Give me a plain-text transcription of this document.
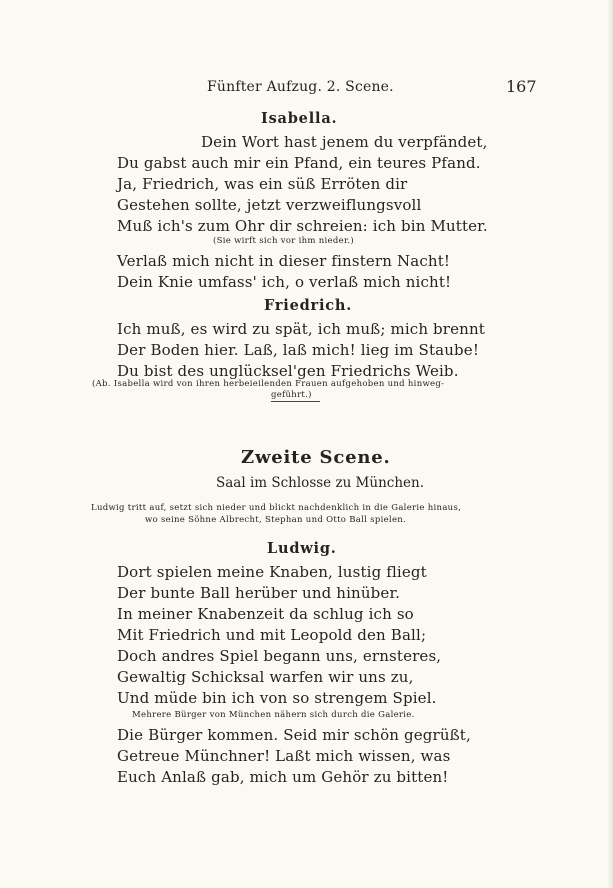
Fünfter Aufzug. 2. Scene.	167
Isabella.
Dein Wort hast jenem du verpfändet,
Du gabst auch mir ein Pfand, ein teures Pfand.
Ja, Friedrich, was ein süß Erröten dir
Gestehen sollte, jetzt verzweiflungsvoll
Muß ich's zum Ohr dir schreien: ich bin Mutter.
(Sie wirft sich vor ihm nieder.)
Verlaß mich nicht in dieser finstern Nacht!
Dein Knie umfass' ich, o verlaß mich nicht!
Friedrich.
Ich muß, es wird zu spät, ich muß; mich brennt
Der Boden hier. Laß, laß mich! lieg im Staube!
Du bist des unglücksel'gen Friedrichs Weib.
(Ab. Isabella wird von ihren herbeieilenden Frauen aufgehoben und hinweg-
geführt.)
Zweite Scene.
Saal im Schlosse zu München.
Ludwig tritt auf, setzt sich nieder und blickt nachdenklich in die Galerie hinaus,
wo seine Söhne Albrecht, Stephan und Otto Ball spielen.
Ludwig.
Dort spielen meine Knaben, lustig fliegt
Der bunte Ball herüber und hinüber.
In meiner Knabenzeit da schlug ich so
Mit Friedrich und mit Leopold den Ball;
Doch andres Spiel begann uns, ernsteres,
Gewaltig Schicksal warfen wir uns zu,
Und müde bin ich von so strengem Spiel.
Mehrere Bürger von München nähern sich durch die Galerie.
Die Bürger kommen. Seid mir schön gegrüßt,
Getreue Münchner! Laßt mich wissen, was
Euch Anlaß gab, mich um Gehör zu bitten!
